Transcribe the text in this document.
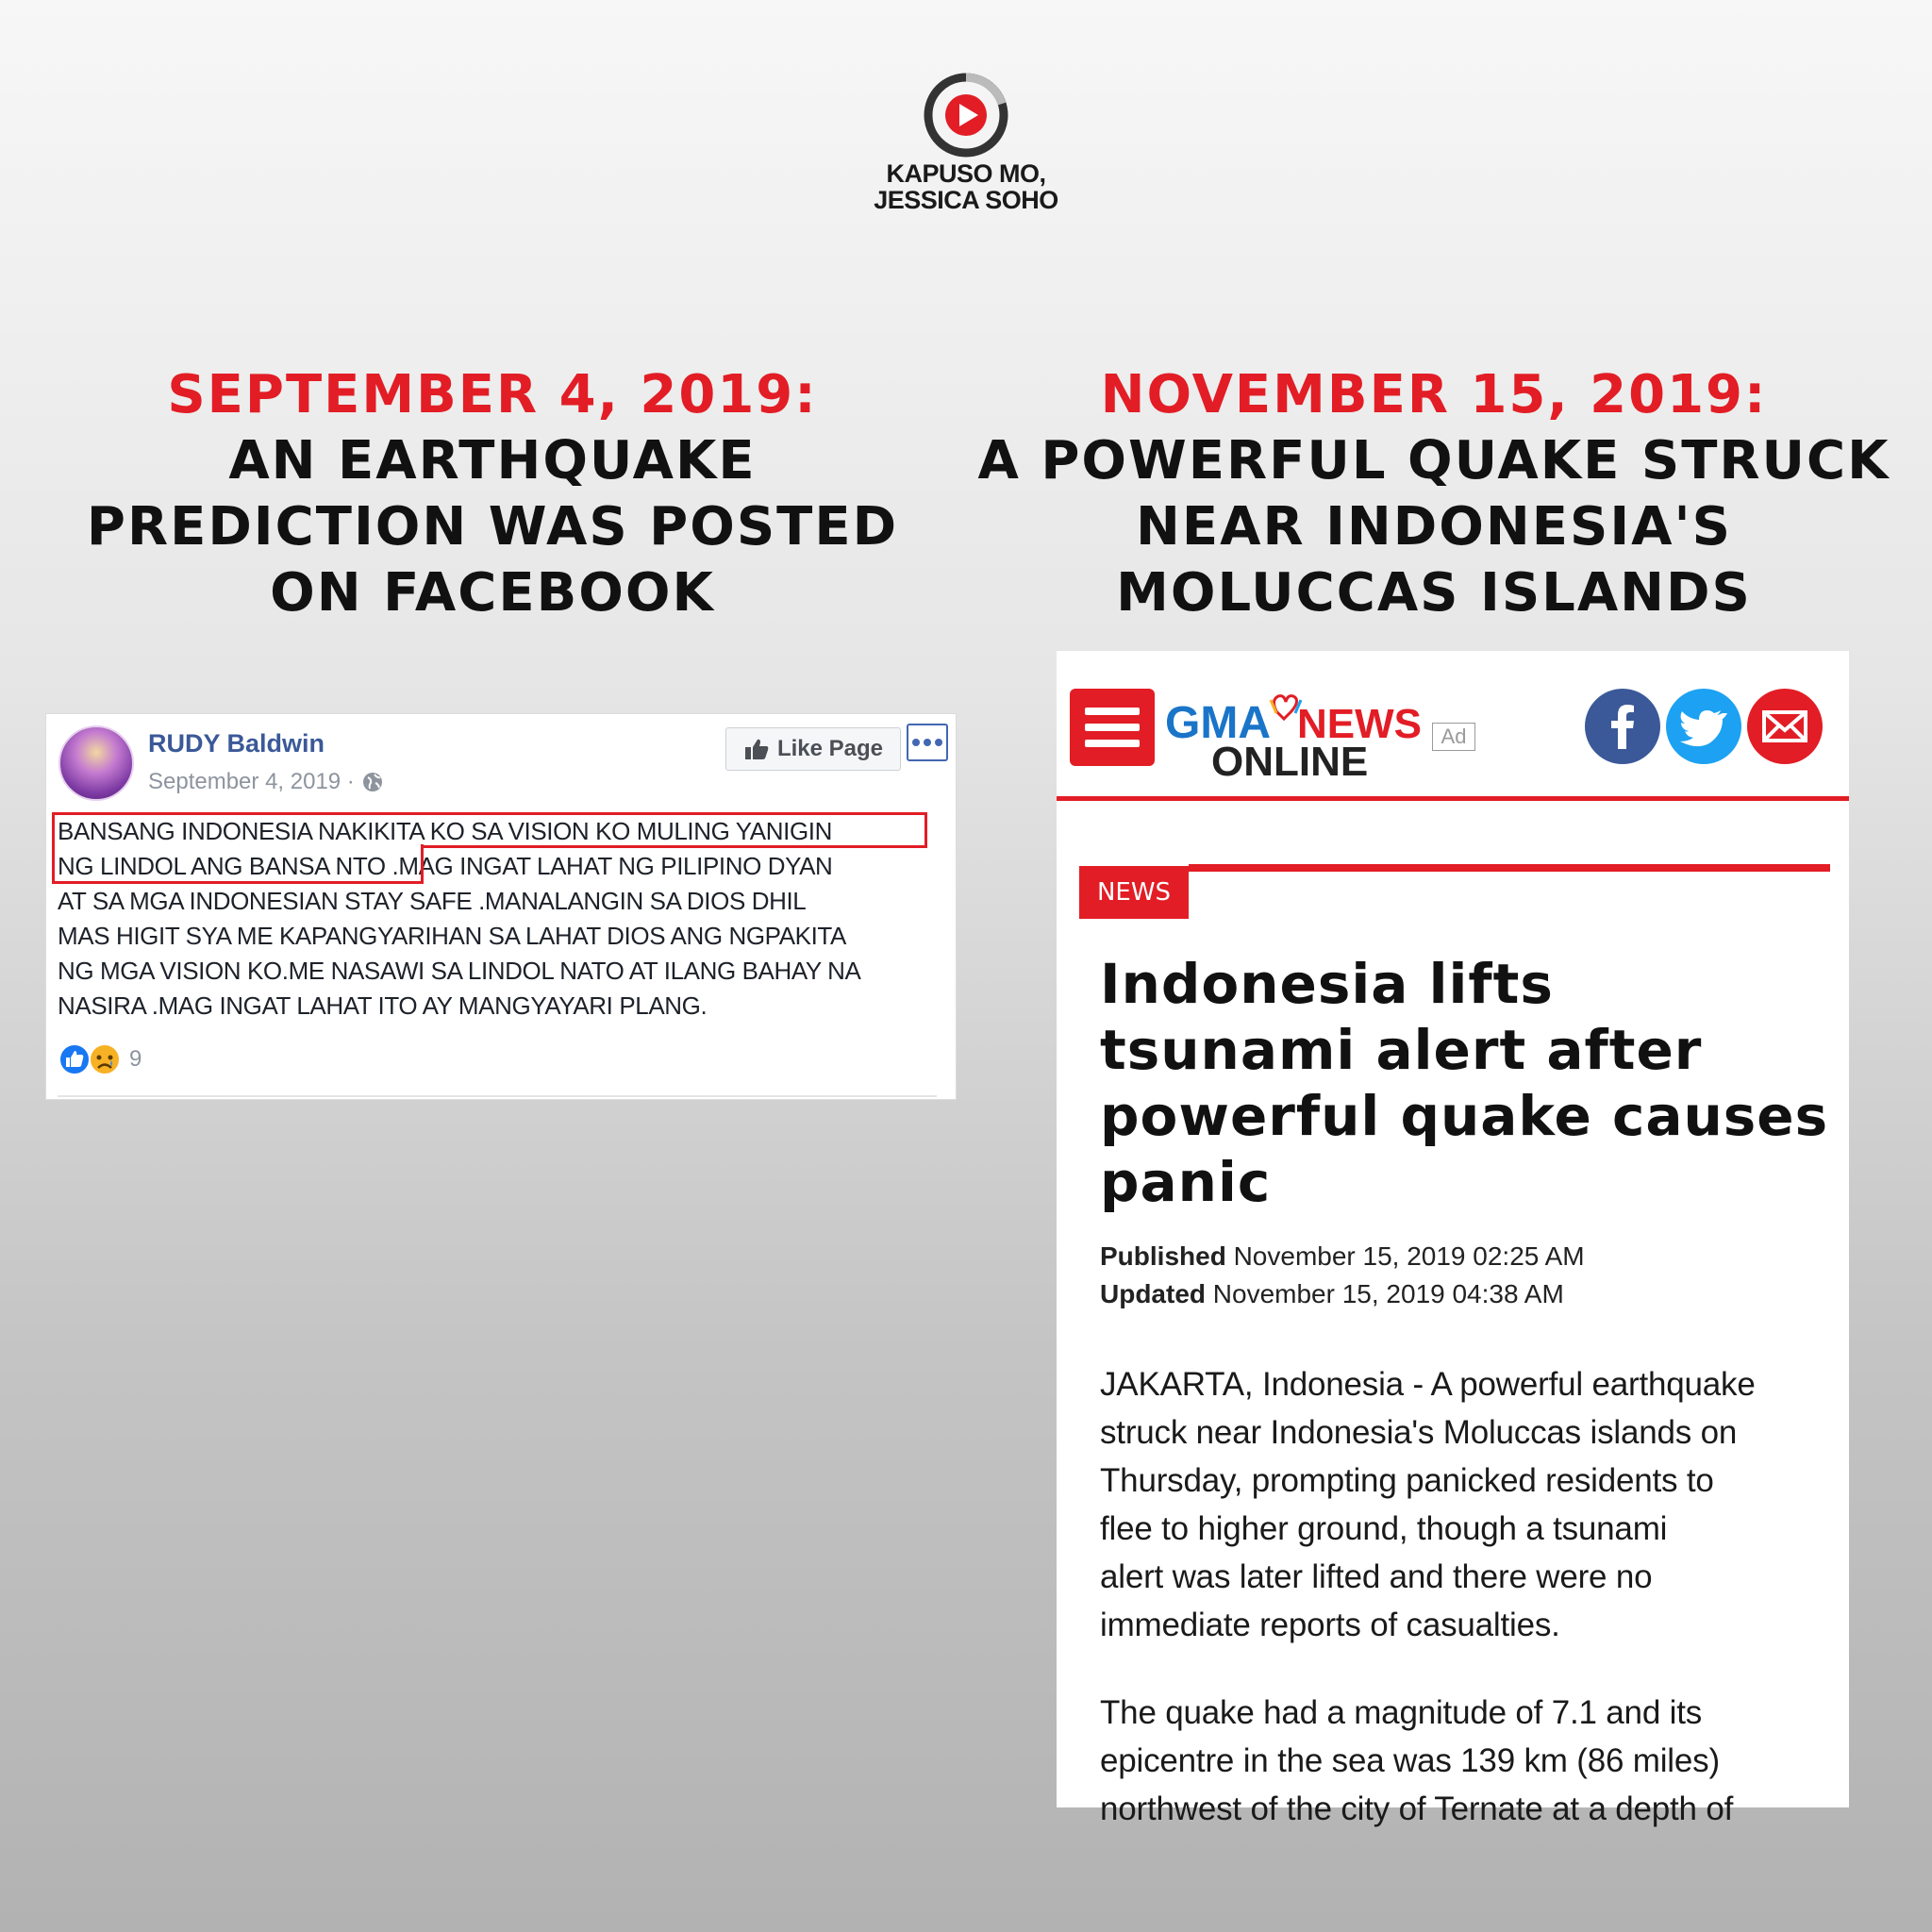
KAPUSO MO,
JESSICA SOHO
SEPTEMBER 4, 2019:
AN EARTHQUAKE
PREDICTION WAS POSTED
ON FACEBOOK
NOVEMBER 15, 2019:
A POWERFUL QUAKE STRUCK
NEAR INDONESIA'S
MOLUCCAS ISLANDS
RUDY Baldwin
September 4, 2019 ·
Like Page
BANSANG INDONESIA NAKIKITA KO SA VISION KO MULING YANIGIN
NG LINDOL ANG BANSA NTO .MAG INGAT LAHAT NG PILIPINO DYAN
AT SA MGA INDONESIAN STAY SAFE .MANALANGIN SA DIOS DHIL
MAS HIGIT SYA ME KAPANGYARIHAN SA LAHAT DIOS ANG NGPAKITA
NG MGA VISION KO.ME NASAWI SA LINDOL NATO AT ILANG BAHAY NA
NASIRA .MAG INGAT LAHAT ITO AY MANGYAYARI PLANG.
9
GMA NEWS
ONLINE
Ad
NEWS
Indonesia lifts
tsunami alert after
powerful quake causes
panic
Published November 15, 2019 02:25 AM
Updated November 15, 2019 04:38 AM
JAKARTA, Indonesia - A powerful earthquake
struck near Indonesia's Moluccas islands on
Thursday, prompting panicked residents to
flee to higher ground, though a tsunami
alert was later lifted and there were no
immediate reports of casualties.
The quake had a magnitude of 7.1 and its
epicentre in the sea was 139 km (86 miles)
northwest of the city of Ternate at a depth of
